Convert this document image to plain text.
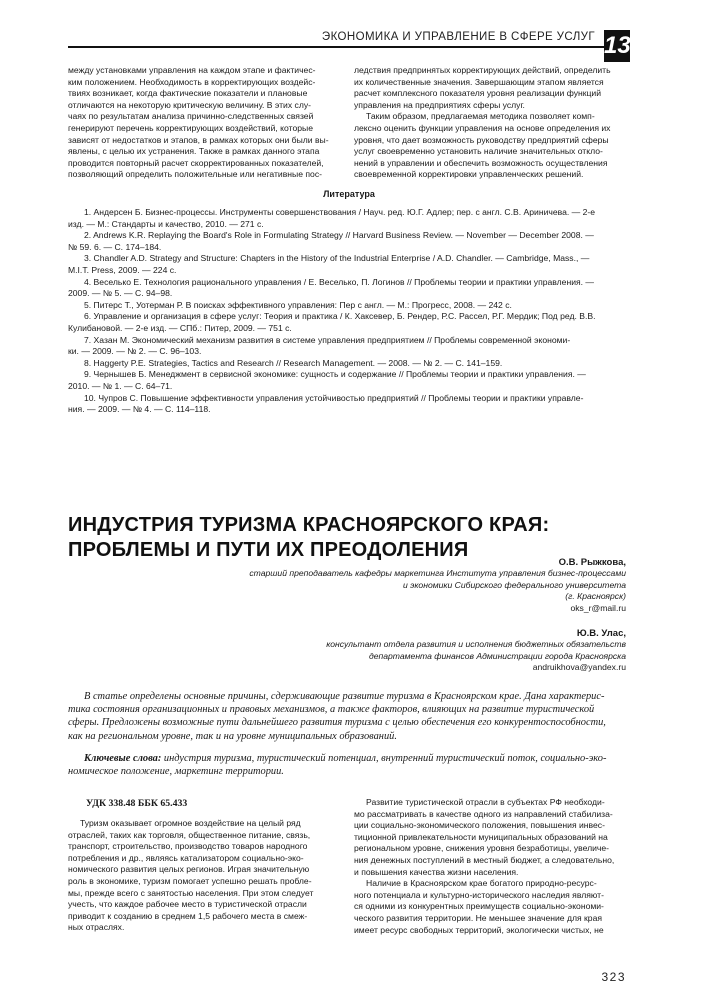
ЭКОНОМИКА И УПРАВЛЕНИЕ В СФЕРЕ УСЛУГ 13

между установками управления на каждом этапе и фактичес-
ким положением. Необходимость в корректирующих воздейс-
твиях возникает, когда фактические показатели и плановые
отличаются на некоторую критическую величину. В этих слу-
чаях по результатам анализа причинно-следственных связей
генерируют перечень корректирующих воздействий, которые
зависят от недостатков и этапов, в рамках которых они были вы-
явлены, с целью их устранения. Также в рамках данного этапа
проводится повторный расчет скорректированных показателей,
позволяющий определить положительные или негативные пос-

ледствия предпринятых корректирующих действий, определить
их количественные значения. Завершающим этапом является
расчет комплексного показателя уровня реализации функций
управления на предприятиях сферы услуг.

Таким образом, предлагаемая методика позволяет комп-
лексно оценить функции управления на основе определения их
уровня, что дает возможность руководству предприятий сферы
услуг своевременно установить наличие значительных откло-
нений в управлении и обеспечить возможность осуществления
своевременной корректировки управленческих решений.

Литература
1. Андерсен Б. Бизнес-процессы. Инструменты совершенствования / Науч. ред. Ю.Г. Адлер; пер. с англ. С.В. Ариничева. — 2-е
изд. — М.: Стандарты и качество, 2010. — 271 с.
2. Andrews K.R. Replaying the Board's Role in Formulating Strategy // Harvard Business Review. — November — December 2008. —
№ 59. 6. — С. 174–184.
3. Chandler A.D. Strategy and Structure: Chapters in the History of the Industrial Enterprise / A.D. Chandler. — Cambridge, Mass., —
M.I.T. Press, 2009. — 224 с.
4. Веселько Е. Технология рационального управления / Е. Веселько, П. Логинов // Проблемы теории и практики управления. —
2009. — № 5. — С. 94–98.
5. Питерс Т., Уотерман Р. В поисках эффективного управления: Пер с англ. — М.: Прогресс, 2008. — 242 с.
6. Управление и организация в сфере услуг: Теория и практика / К. Хаксевер, Б. Рендер, Р.С. Рассел, Р.Г. Мердик; Под ред. В.В.
Кулибановой. — 2-е изд. — СПб.: Питер, 2009. — 751 с.
7. Хазан М. Экономический механизм развития в системе управления предприятием // Проблемы современной экономи-
ки. — 2009. — № 2. — С. 96–103.
8. Haggerty P.E. Strategies, Tactics and Research // Research Management. — 2008. — № 2. — С. 141–159.
9. Чернышев Б. Менеджмент в сервисной экономике: сущность и содержание // Проблемы теории и практики управления. —
2010. — № 1. — С. 64–71.
10. Чупров С. Повышение эффективности управления устойчивостью предприятий // Проблемы теории и практики управле-
ния. — 2009. — № 4. — С. 114–118.
ИНДУСТРИЯ ТУРИЗМА КРАСНОЯРСКОГО КРАЯ:
ПРОБЛЕМЫ И ПУТИ ИХ ПРЕОДОЛЕНИЯ
О.В. Рыжкова,
старший преподаватель кафедры маркетинга Института управления бизнес-процессами
и экономики Сибирского федерального университета
(г. Красноярск)
oks_r@mail.ru
Ю.В. Улас,
консультант отдела развития и исполнения бюджетных обязательств
департамента финансов Администрации города Красноярска
andruikhova@yandex.ru
В статье определены основные причины, сдерживающие развитие туризма в Красноярском крае. Дана характерис-
тика состояния организационных и правовых механизмов, а также факторов, влияющих на развитие туристической
сферы. Предложены возможные пути дальнейшего развития туризма с целью обеспечения его конкурентоспособности,
как на региональном уровне, так и на уровне муниципальных образований.
Ключевые слова: индустрия туризма, туристический потенциал, внутренний туристический поток, социально-эко-
номическое положение, маркетинг территории.
УДК 338.48 ББК 65.433

Туризм оказывает огромное воздействие на целый ряд
отраслей, таких как торговля, общественное питание, связь,
транспорт, строительство, производство товаров народного
потребления и др., являясь катализатором социально-эко-
номического развития целых регионов. Играя значительную
роль в экономике, туризм помогает успешно решать пробле-
мы, прежде всего с занятостью населения. При этом следует
учесть, что каждое рабочее место в туристической отрасли
приводит к созданию в среднем 1,5 рабочего места в смеж-
ных отраслях.

Развитие туристической отрасли в субъектах РФ необходи-
мо рассматривать в качестве одного из направлений стабилиза-
ции социально-экономического положения, повышения инвес-
тиционной привлекательности муниципальных образований на
региональном уровне, снижения уровня безработицы, увеличе-
ния денежных поступлений в местный бюджет, а следовательно,
и повышения качества жизни населения.

Наличие в Красноярском крае богатого природно-ресурс-
ного потенциала и культурно-исторического наследия являют-
ся одними из конкурентных преимуществ социально-экономи-
ческого развития территории. Не меньшее значение для края
имеет ресурс свободных территорий, экологически чистых, не

323
